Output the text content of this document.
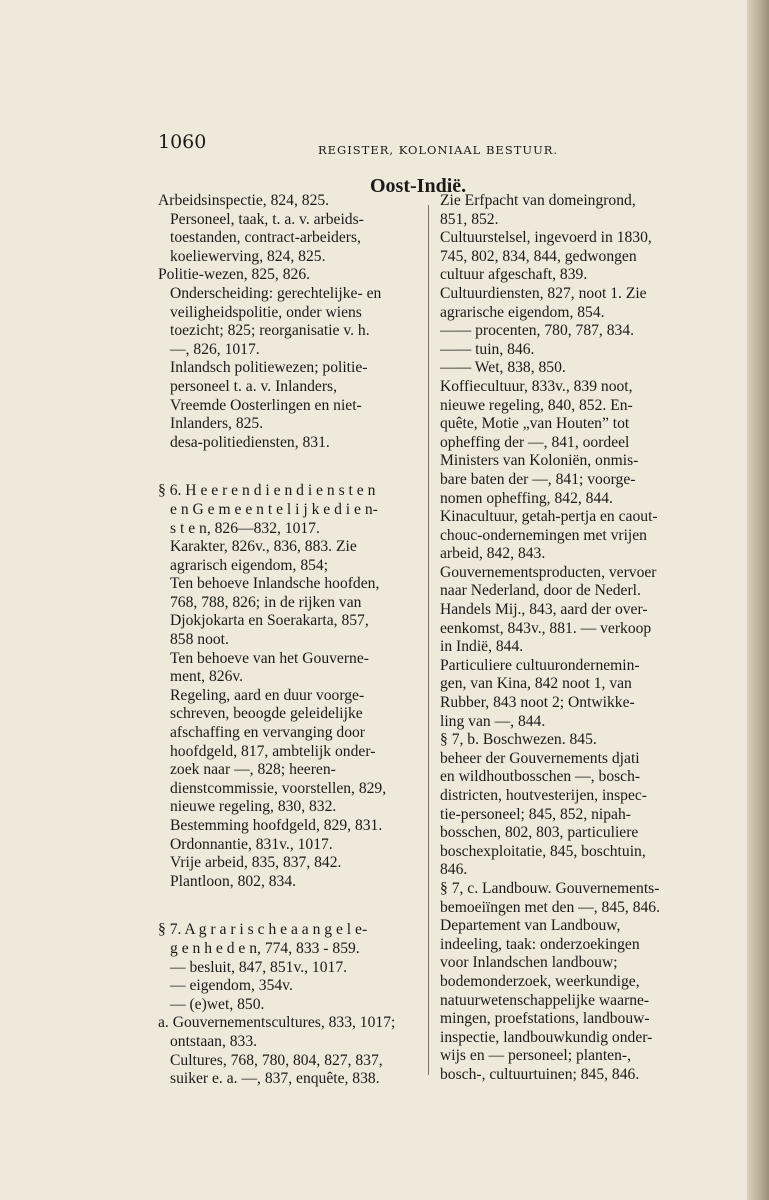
1060	REGISTER, KOLONIAAL BESTUUR.
Oost-Indië.
Arbeidsinspectie, 824, 825.
Personeel, taak, t. a. v. arbeids-
toestanden, contract-arbeiders,
koeliewerving, 824, 825.
Politie-wezen, 825, 826.
Onderscheiding: gerechtelijke- en
veiligheidspolitie, onder wiens
toezicht; 825; reorganisatie v. h.
—, 826, 1017.
Inlandsch politiewezen; politie-
personeel t. a. v. Inlanders,
Vreemde Oosterlingen en niet-
Inlanders, 825.
desa-politiediensten, 831.
§ 6. H e e r e n d i e n d i e n s t e n
e n G e m e e n t e l i j k e d i e n-
s t e n, 826—832, 1017.
Karakter, 826v., 836, 883. Zie
agrarisch eigendom, 854;
Ten behoeve Inlandsche hoofden,
768, 788, 826; in de rijken van
Djokjokarta en Soerakarta, 857,
858 noot.
Ten behoeve van het Gouverne-
ment, 826v.
Regeling, aard en duur voorge-
schreven, beoogde geleidelijke
afschaffing en vervanging door
hoofdgeld, 817, ambtelijk onder-
zoek naar —, 828; heeren-
dienstcommissie, voorstellen, 829,
nieuwe regeling, 830, 832.
Bestemming hoofdgeld, 829, 831.
Ordonnantie, 831v., 1017.
Vrije arbeid, 835, 837, 842.
Plantloon, 802, 834.
§ 7. A g r a r i s c h e a a n g e l e-
g e n h e d e n, 774, 833 - 859.
— besluit, 847, 851v., 1017.
— eigendom, 354v.
— (e)wet, 850.
a. Gouvernementscultures, 833, 1017;
ontstaan, 833.
Cultures, 768, 780, 804, 827, 837,
suiker e. a. —, 837, enquête, 838.
Zie Erfpacht van domeingrond,
851, 852.
Cultuurstelsel, ingevoerd in 1830,
745, 802, 834, 844, gedwongen
cultuur afgeschaft, 839.
Cultuurdiensten, 827, noot 1. Zie
agrarische eigendom, 854.
—— procenten, 780, 787, 834.
—— tuin, 846.
—— Wet, 838, 850.
Koffiecultuur, 833v., 839 noot,
nieuwe regeling, 840, 852. En-
quête, Motie „van Houten” tot
opheffing der —, 841, oordeel
Ministers van Koloniën, onmis-
bare baten der —, 841; voorge-
nomen opheffing, 842, 844.
Kinacultuur, getah-pertja en caout-
chouc-ondernemingen met vrijen
arbeid, 842, 843.
Gouvernementsproducten, vervoer
naar Nederland, door de Nederl.
Handels Mij., 843, aard der over-
eenkomst, 843v., 881. — verkoop
in Indië, 844.
Particuliere cultuurondernemin-
gen, van Kina, 842 noot 1, van
Rubber, 843 noot 2; Ontwikke-
ling van —, 844.
§ 7, b. Boschwezen. 845.
beheer der Gouvernements djati
en wildhoutbosschen —, bosch-
districten, houtvesterijen, inspec-
tie-personeel; 845, 852, nipah-
bosschen, 802, 803, particuliere
boschexploitatie, 845, boschtuin,
846.
§ 7, c. Landbouw. Gouvernements-
bemoeiïngen met den —, 845, 846.
Departement van Landbouw,
indeeling, taak: onderzoekingen
voor Inlandschen landbouw;
bodemonderzoek, weerkundige,
natuurwetenschappelijke waarne-
mingen, proefstations, landbouw-
inspectie, landbouwkundig onder-
wijs en — personeel; planten-,
bosch-, cultuurtuinen; 845, 846.
